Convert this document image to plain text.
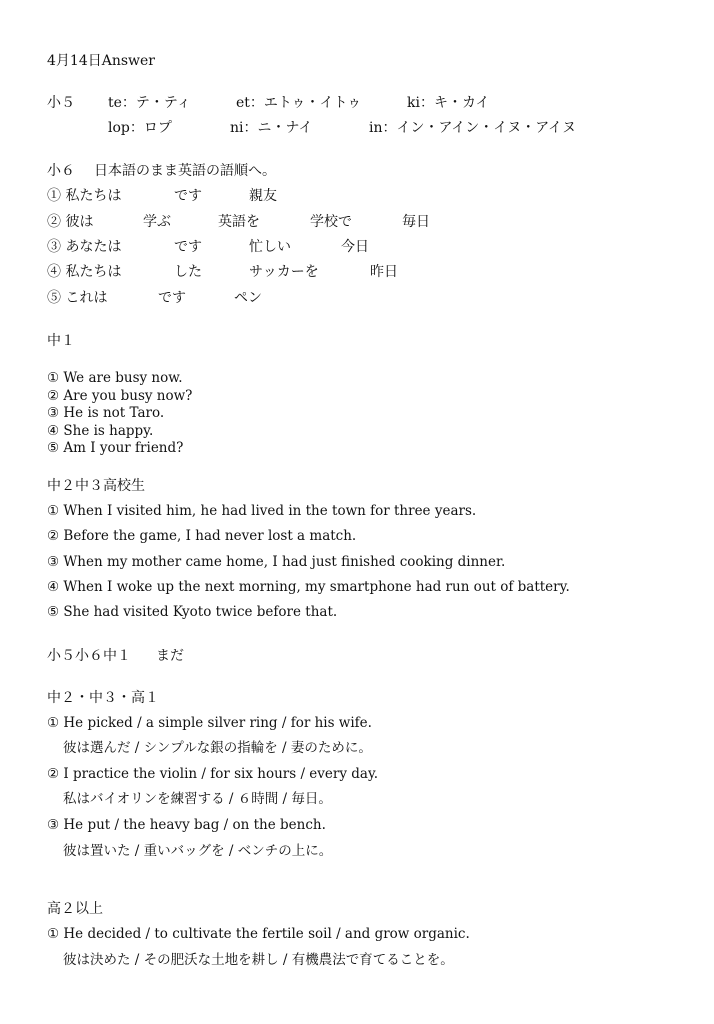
4月14日Answer
小５ te：テ・ティ	et：エトゥ・イトゥ	ki：キ・カイ
lop：ロプ	ni：ニ・ナイ	in：イン・アイン・イヌ・アイヌ
小６ 日本語のまま英語の語順へ。
① 私たちは	です	親友
② 彼は	学ぶ	英語を	学校で	毎日
③ あなたは	です	忙しい	今日
④ 私たちは	した	サッカーを	昨日
⑤ これは	です	ペン
中１
① We are busy now.
② Are you busy now?
③ He is not Taro.
④ She is happy.
⑤ Am I your friend?
中２中３高校生
① When I visited him, he had lived in the town for three years.
② Before the game, I had never lost a match.
③ When my mother came home, I had just finished cooking dinner.
④ When I woke up the next morning, my smartphone had run out of battery.
⑤ She had visited Kyoto twice before that.
小５小６中１ まだ
中２・中３・高１
① He picked / a simple silver ring / for his wife.
彼は選んだ / シンプルな銀の指輪を / 妻のために。
② I practice the violin / for six hours / every day.
私はバイオリンを練習する / ６時間 / 毎日。
③ He put / the heavy bag / on the bench.
彼は置いた / 重いバッグを / ベンチの上に。
高２以上
① He decided / to cultivate the fertile soil / and grow organic.
彼は決めた / その肥沃な土地を耕し / 有機農法で育てることを。
